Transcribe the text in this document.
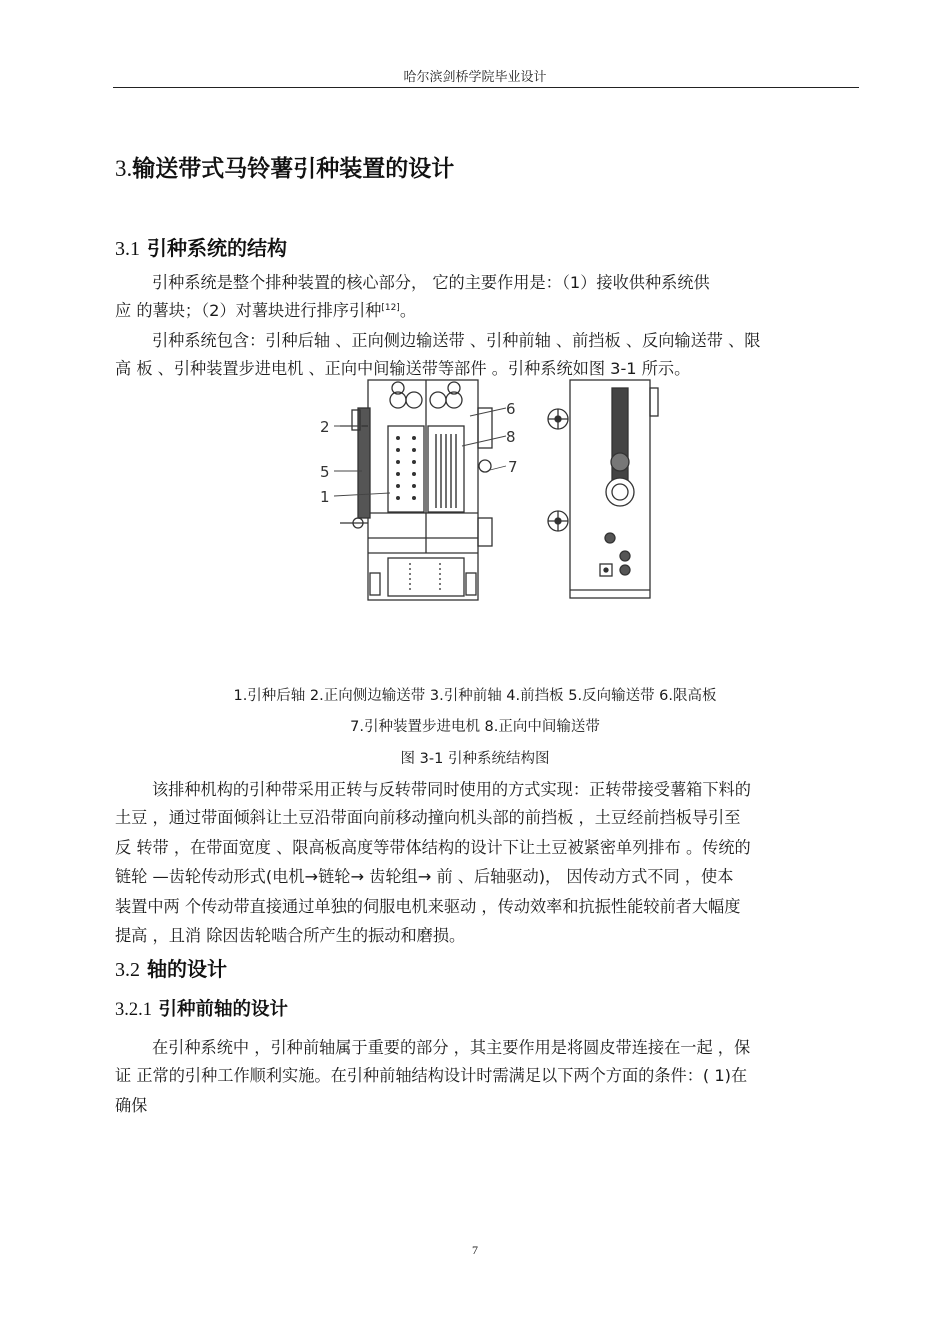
哈尔滨剑桥学院毕业设计
3.输送带式马铃薯引种装置的设计
3.1 引种系统的结构
引种系统是整个排种装置的核心部分， 它的主要作用是：（1）接收供种系统供
应 的薯块；（2）对薯块进行排序引种[12]。
引种系统包含：引种后轴 、正向侧边输送带 、引种前轴 、前挡板 、反向输送带 、限
高 板 、引种装置步进电机 、正向中间输送带等部件 。引种系统如图 3-1 所示。
2
5
1
6
8
7
1.引种后轴 2.正向侧边输送带 3.引种前轴 4.前挡板 5.反向输送带 6.限高板
7.引种装置步进电机 8.正向中间输送带
图 3-1 引种系统结构图
该排种机构的引种带采用正转与反转带同时使用的方式实现：正转带接受薯箱下料的
土豆 ，通过带面倾斜让土豆沿带面向前移动撞向机头部的前挡板 ，土豆经前挡板导引至
反 转带 ，在带面宽度 、限高板高度等带体结构的设计下让土豆被紧密单列排布 。传统的
链轮 —齿轮传动形式(电机→链轮→ 齿轮组→ 前 、后轴驱动)， 因传动方式不同 ，使本
装置中两 个传动带直接通过单独的伺服电机来驱动 ，传动效率和抗振性能较前者大幅度
提高 ，且消 除因齿轮啮合所产生的振动和磨损。
3.2 轴的设计
3.2.1 引种前轴的设计
在引种系统中 ，引种前轴属于重要的部分 ，其主要作用是将圆皮带连接在一起 ，保
证 正常的引种工作顺利实施。在引种前轴结构设计时需满足以下两个方面的条件：( 1)在
确保
7
